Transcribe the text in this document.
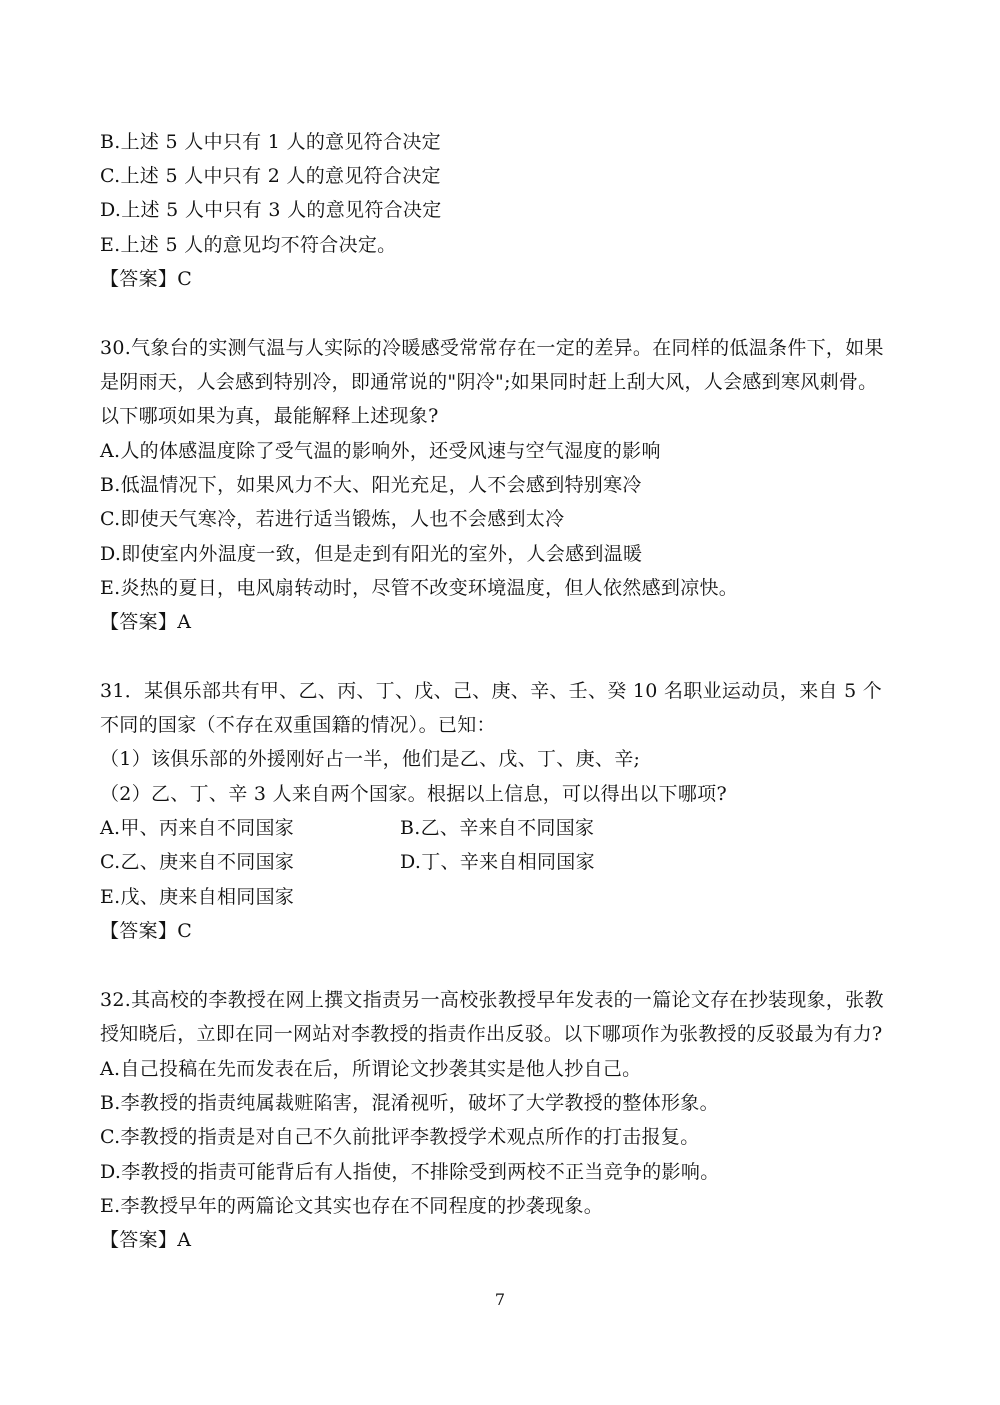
B.上述 5 人中只有 1 人的意见符合决定
C.上述 5 人中只有 2 人的意见符合决定
D.上述 5 人中只有 3 人的意见符合决定
E.上述 5 人的意见均不符合决定。
【答案】C
30.气象台的实测气温与人实际的冷暖感受常常存在一定的差异。在同样的低温条件下，如果
是阴雨天，人会感到特别冷，即通常说的"阴冷";如果同时赶上刮大风，人会感到寒风刺骨。
以下哪项如果为真，最能解释上述现象?
A.人的体感温度除了受气温的影响外，还受风速与空气湿度的影响
B.低温情况下，如果风力不大、阳光充足，人不会感到特别寒冷
C.即使天气寒冷，若进行适当锻炼，人也不会感到太冷
D.即使室内外温度一致，但是走到有阳光的室外，人会感到温暖
E.炎热的夏日，电风扇转动时，尽管不改变环境温度，但人依然感到凉快。
【答案】A
31．某俱乐部共有甲、乙、丙、丁、戊、己、庚、辛、壬、癸 10 名职业运动员，来自 5 个
不同的国家（不存在双重国籍的情况）。已知：
（1）该俱乐部的外援刚好占一半，他们是乙、戊、丁、庚、辛;
（2）乙、丁、辛 3 人来自两个国家。根据以上信息，可以得出以下哪项?
A.甲、丙来自不同国家	B.乙、辛来自不同国家
C.乙、庚来自不同国家	D.丁、辛来自相同国家
E.戊、庚来自相同国家
【答案】C
32.其高校的李教授在网上撰文指责另一高校张教授早年发表的一篇论文存在抄装现象，张教
授知晓后，立即在同一网站对李教授的指责作出反驳。以下哪项作为张教授的反驳最为有力?
A.自己投稿在先而发表在后，所谓论文抄袭其实是他人抄自己。
B.李教授的指责纯属裁赃陷害，混淆视听，破坏了大学教授的整体形象。
C.李教授的指责是对自己不久前批评李教授学术观点所作的打击报复。
D.李教授的指责可能背后有人指使，不排除受到两校不正当竞争的影响。
E.李教授早年的两篇论文其实也存在不同程度的抄袭现象。
【答案】A
7
